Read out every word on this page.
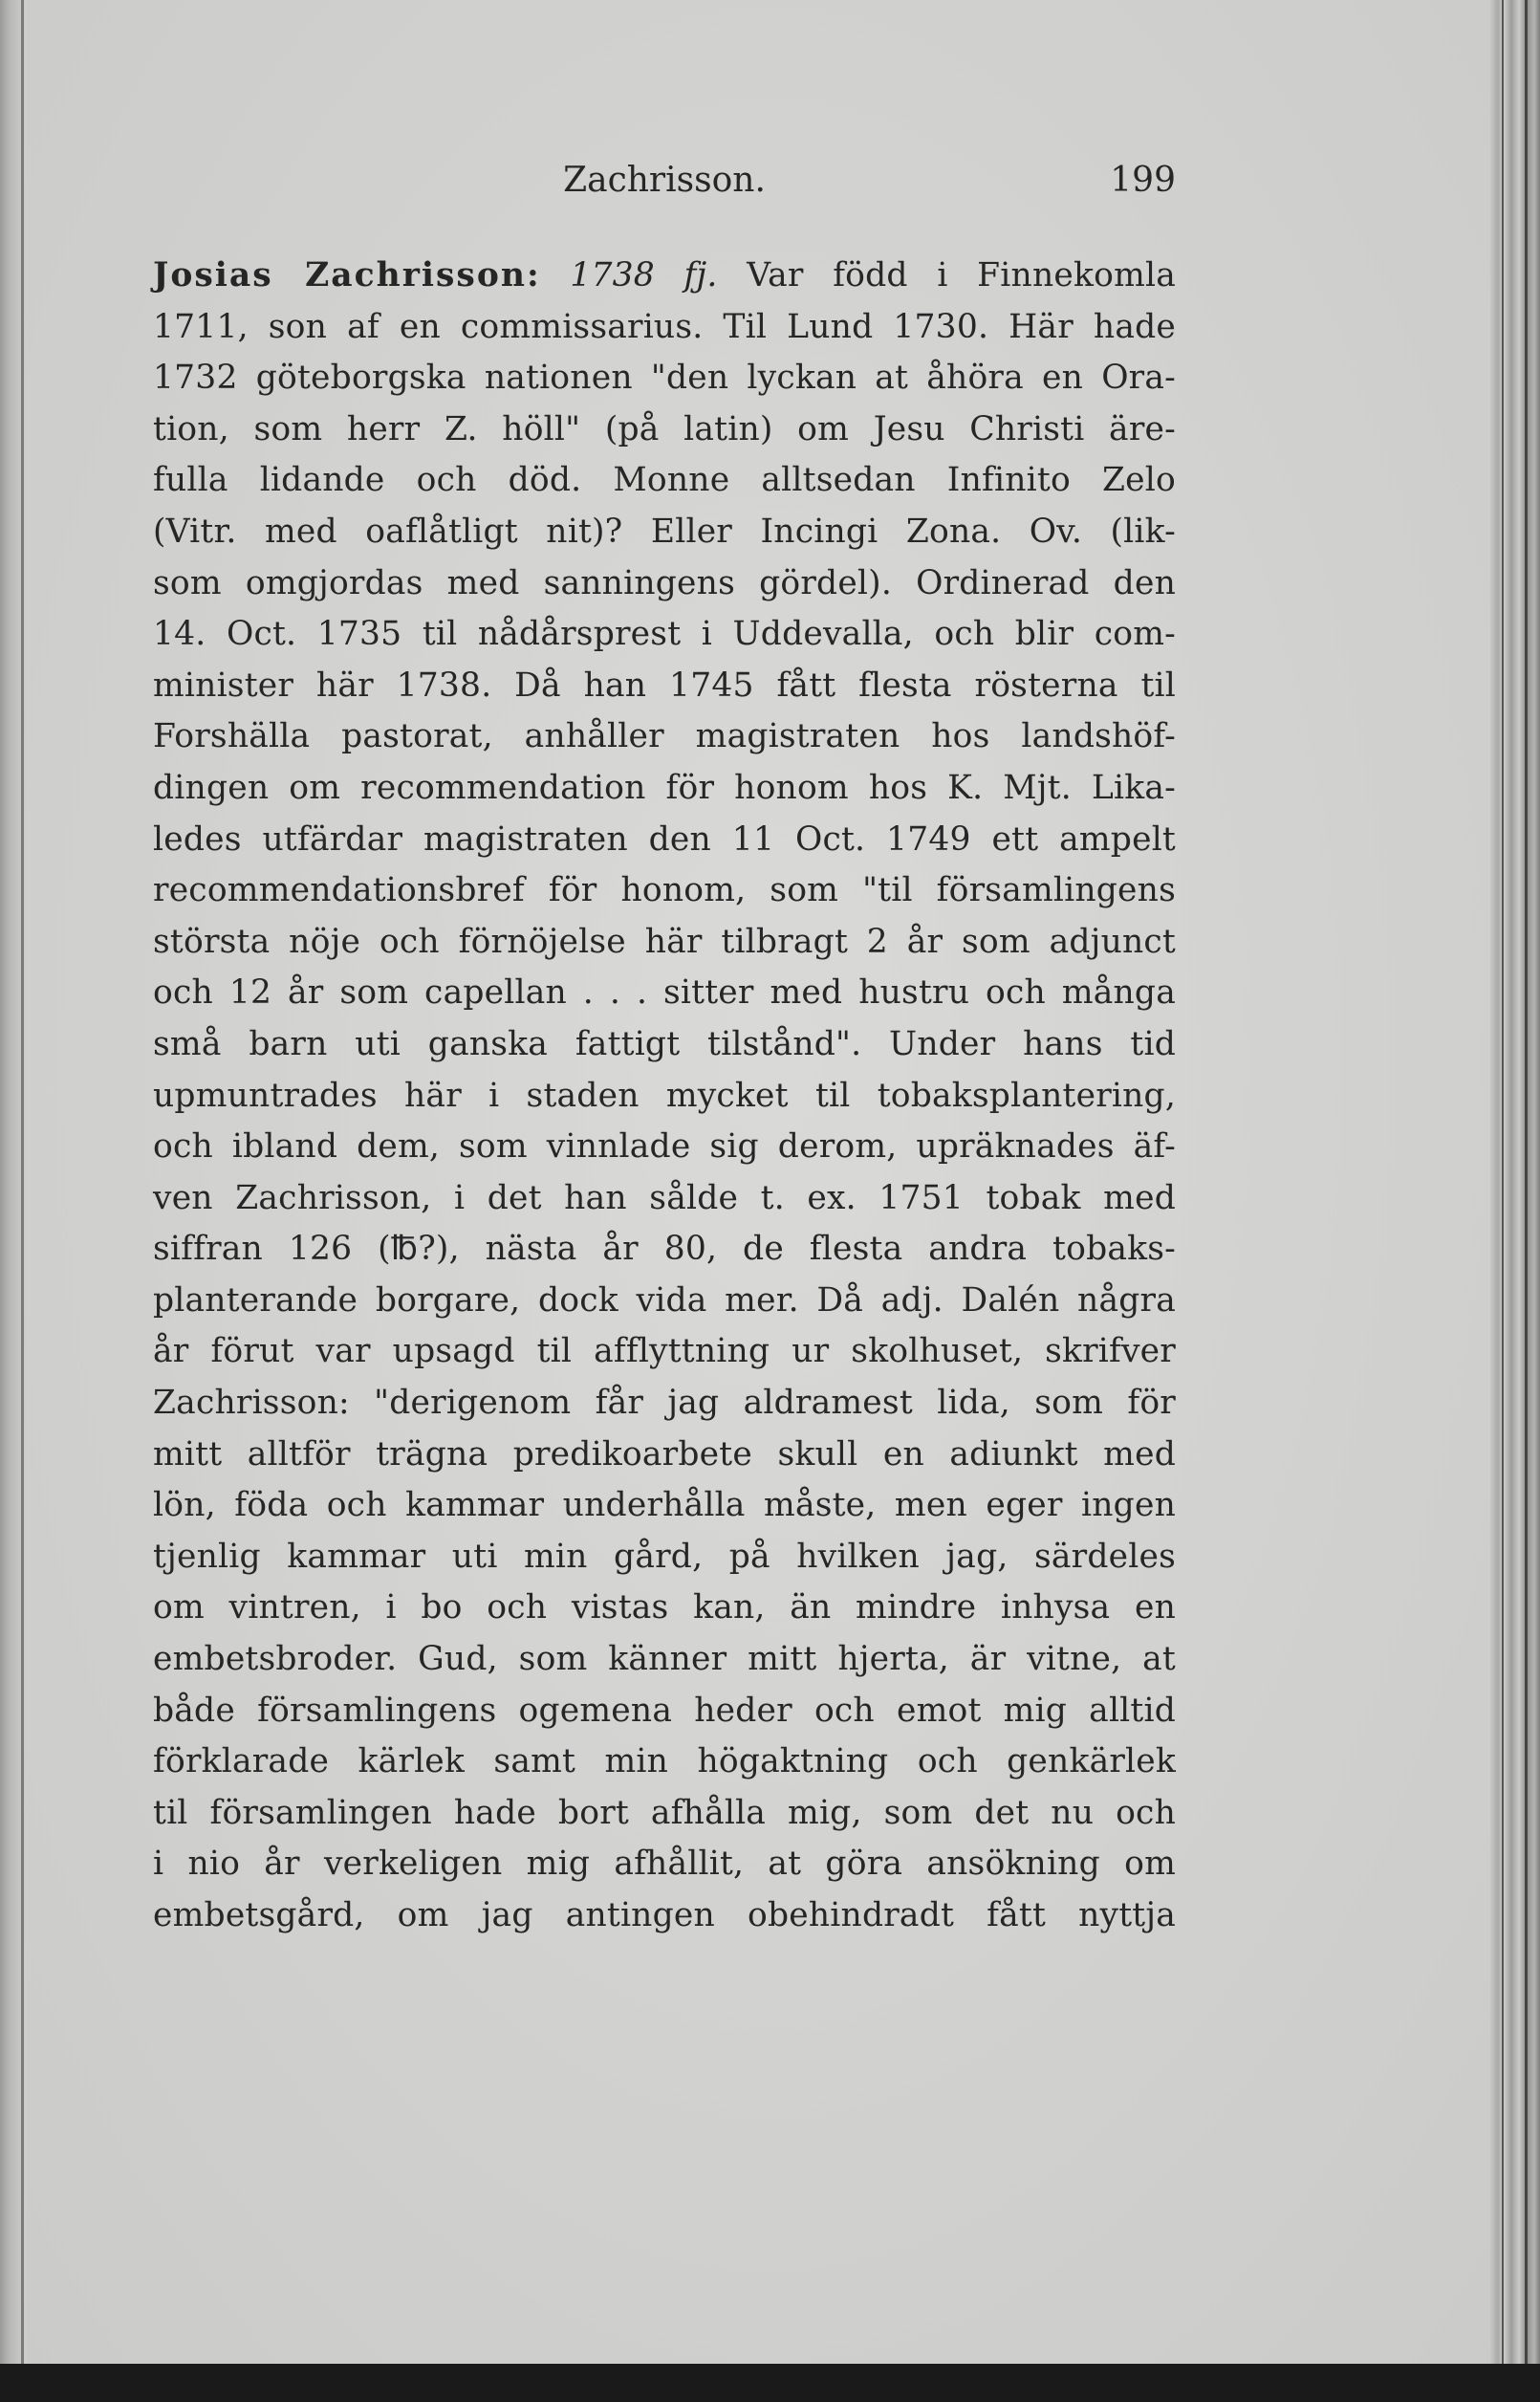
Zachrisson.	199
Josias Zachrisson: 1738 fj. Var född i Finnekomla
1711, son af en commissarius. Til Lund 1730. Här hade
1732 göteborgska nationen "den lyckan at åhöra en Ora-
tion, som herr Z. höll" (på latin) om Jesu Christi äre-
fulla lidande och död. Monne alltsedan Infinito Zelo
(Vitr. med oaflåtligt nit)? Eller Incingi Zona. Ov. (lik-
som omgjordas med sanningens gördel). Ordinerad den
14. Oct. 1735 til nådårsprest i Uddevalla, och blir com-
minister här 1738. Då han 1745 fått flesta rösterna til
Forshälla pastorat, anhåller magistraten hos landshöf-
dingen om recommendation för honom hos K. Mjt. Lika-
ledes utfärdar magistraten den 11 Oct. 1749 ett ampelt
recommendationsbref för honom, som "til församlingens
största nöje och förnöjelse här tilbragt 2 år som adjunct
och 12 år som capellan . . . sitter med hustru och många
små barn uti ganska fattigt tilstånd". Under hans tid
upmuntrades här i staden mycket til tobaksplantering,
och ibland dem, som vinnlade sig derom, upräknades äf-
ven Zachrisson, i det han sålde t. ex. 1751 tobak med
siffran 126 (℔?), nästa år 80, de flesta andra tobaks-
planterande borgare, dock vida mer. Då adj. Dalén några
år förut var upsagd til afflyttning ur skolhuset, skrifver
Zachrisson: "derigenom får jag aldramest lida, som för
mitt alltför trägna predikoarbete skull en adiunkt med
lön, föda och kammar underhålla måste, men eger ingen
tjenlig kammar uti min gård, på hvilken jag, särdeles
om vintren, i bo och vistas kan, än mindre inhysa en
embetsbroder. Gud, som känner mitt hjerta, är vitne, at
både församlingens ogemena heder och emot mig alltid
förklarade kärlek samt min högaktning och genkärlek
til församlingen hade bort afhålla mig, som det nu och
i nio år verkeligen mig afhållit, at göra ansökning om
embetsgård, om jag antingen obehindradt fått nyttja
